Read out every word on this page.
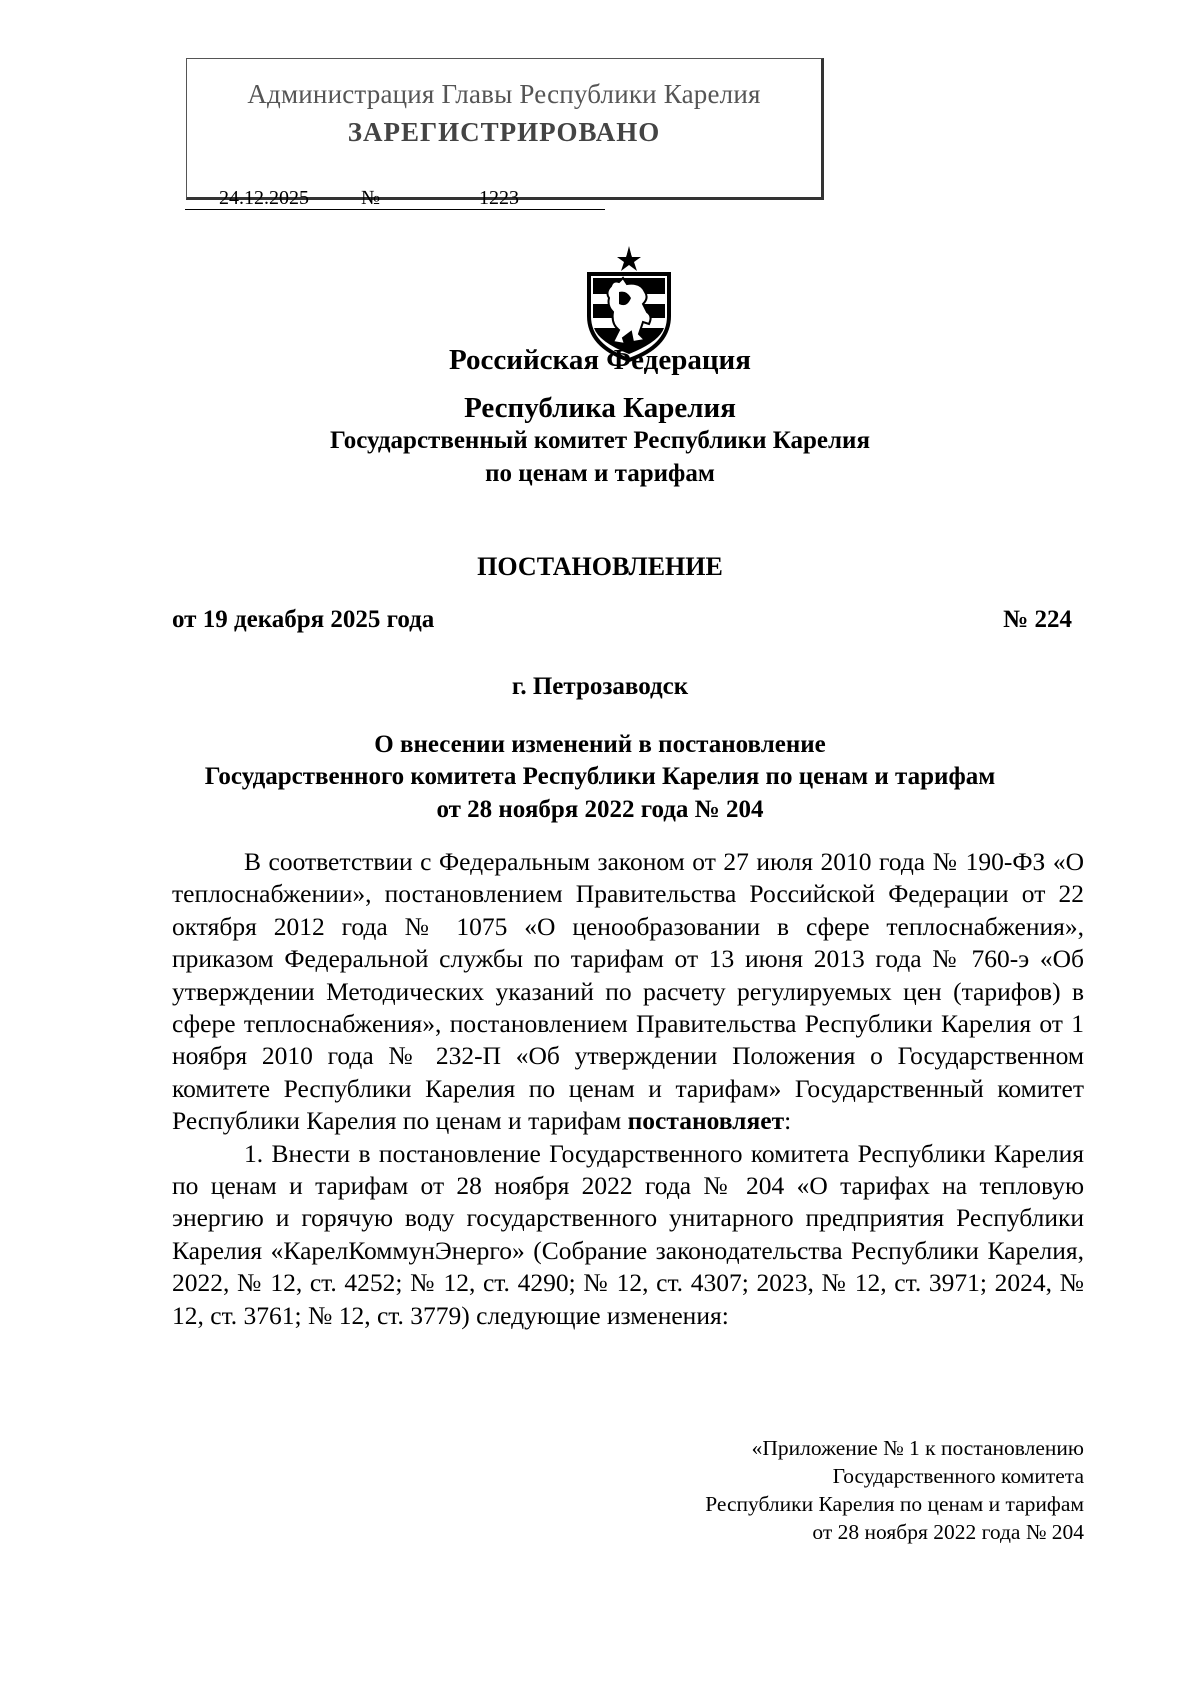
Администрация Главы Республики Карелия
ЗАРЕГИСТРИРОВАНО
24.12.2025	№	1223
Российская Федерация
Республика Карелия
Государственный комитет Республики Карелия
по ценам и тарифам
ПОСТАНОВЛЕНИЕ
от 19 декабря 2025 года	№ 224
г. Петрозаводск
О внесении изменений в постановление
Государственного комитета Республики Карелия по ценам и тарифам
от 28 ноября 2022 года № 204

В соответствии с Федеральным законом от 27 июля 2010 года № 190-ФЗ «О теплоснабжении», постановлением Правительства Российской Федерации от 22 октября 2012 года № 1075 «О ценообразовании в сфере теплоснабжения», приказом Федеральной службы по тарифам от 13 июня 2013 года № 760-э «Об утверждении Методических указаний по расчету регулируемых цен (тарифов) в сфере теплоснабжения», постановлением Правительства Республики Карелия от 1 ноября 2010 года № 232-П «Об утверждении Положения о Государственном комитете Республики Карелия по ценам и тарифам» Государственный комитет Республики Карелия по ценам и тарифам постановляет:

1. Внести в постановление Государственного комитета Республики Карелия по ценам и тарифам от 28 ноября 2022 года № 204 «О тарифах на тепловую энергию и горячую воду государственного унитарного предприятия Республики Карелия «КарелКоммунЭнерго» (Собрание законодательства Республики Карелия, 2022, № 12, ст. 4252; № 12, ст. 4290; № 12, ст. 4307; 2023, № 12, ст. 3971; 2024, № 12, ст. 3761; № 12, ст. 3779) следующие изменения:

«Приложение № 1 к постановлению
Государственного комитета
Республики Карелия по ценам и тарифам
от 28 ноября 2022 года № 204
